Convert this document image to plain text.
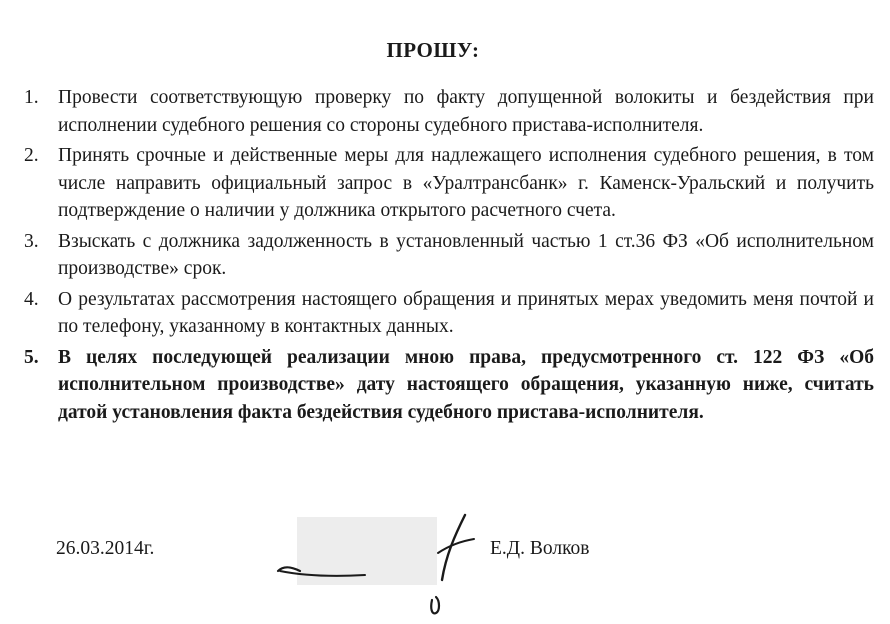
ПРОШУ:
1. Провести соответствующую проверку по факту допущенной волокиты и бездействия при исполнении судебного решения со стороны судебного пристава-исполнителя.
2. Принять срочные и действенные меры для надлежащего исполнения судебного решения, в том числе направить официальный запрос в «Уралтрансбанк» г. Каменск-Уральский и получить подтверждение о наличии у должника открытого расчетного счета.
3. Взыскать с должника задолженность в установленный частью 1 ст.36 ФЗ «Об исполнительном производстве» срок.
4. О результатах рассмотрения настоящего обращения и принятых мерах уведомить меня почтой и по телефону, указанному в контактных данных.
5. В целях последующей реализации мною права, предусмотренного ст. 122 ФЗ «Об исполнительном производстве» дату настоящего обращения, указанную ниже, считать датой установления факта бездействия судебного пристава-исполнителя.
26.03.2014г.	Е.Д. Волков
